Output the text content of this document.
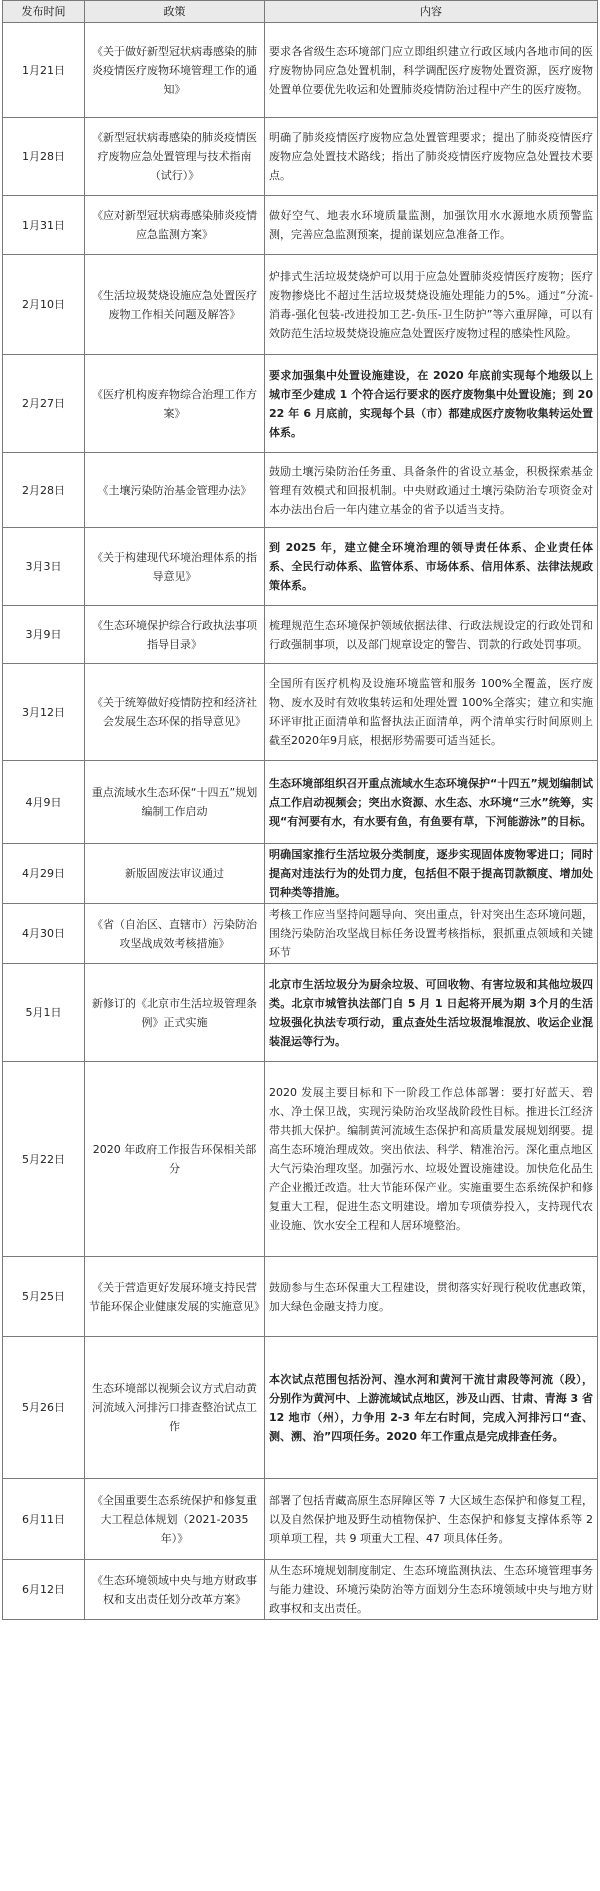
发布时间	政策	内容
1月21日	《关于做好新型冠状病毒感染的肺炎疫情医疗废物环境管理工作的通知》	要求各省级生态环境部门应立即组织建立行政区域内各地市间的医疗废物协同应急处置机制，科学调配医疗废物处置资源，医疗废物处置单位要优先收运和处置肺炎疫情防治过程中产生的医疗废物。
1月28日	《新型冠状病毒感染的肺炎疫情医疗废物应急处置管理与技术指南（试行）》	明确了肺炎疫情医疗废物应急处置管理要求；提出了肺炎疫情医疗废物应急处置技术路线；指出了肺炎疫情医疗废物应急处置技术要点。
1月31日	《应对新型冠状病毒感染肺炎疫情应急监测方案》	做好空气、地表水环境质量监测，加强饮用水水源地水质预警监测，完善应急监测预案，提前谋划应急准备工作。
2月10日	《生活垃圾焚烧设施应急处置医疗废物工作相关问题及解答》	炉排式生活垃圾焚烧炉可以用于应急处置肺炎疫情医疗废物；医疗废物掺烧比不超过生活垃圾焚烧设施处理能力的5%。通过“分流-消毒-强化包装-改进投加工艺-负压-卫生防护”等六重屏障，可以有效防范生活垃圾焚烧设施应急处置医疗废物过程的感染性风险。
2月27日	《医疗机构废弃物综合治理工作方案》	要求加强集中处置设施建设，在 2020 年底前实现每个地级以上城市至少建成 1 个符合运行要求的医疗废物集中处置设施；到 2022 年 6 月底前，实现每个县（市）都建成医疗废物收集转运处置体系。
2月28日	《土壤污染防治基金管理办法》	鼓励土壤污染防治任务重、具备条件的省设立基金，积极探索基金管理有效模式和回报机制。中央财政通过土壤污染防治专项资金对本办法出台后一年内建立基金的省予以适当支持。
3月3日	《关于构建现代环境治理体系的指导意见》	到 2025 年，建立健全环境治理的领导责任体系、企业责任体系、全民行动体系、监管体系、市场体系、信用体系、法律法规政策体系。
3月9日	《生态环境保护综合行政执法事项指导目录》	梳理规范生态环境保护领域依据法律、行政法规设定的行政处罚和行政强制事项，以及部门规章设定的警告、罚款的行政处罚事项。
3月12日	《关于统筹做好疫情防控和经济社会发展生态环保的指导意见》	全国所有医疗机构及设施环境监管和服务 100%全覆盖，医疗废物、废水及时有效收集转运和处理处置 100%全落实；建立和实施环评审批正面清单和监督执法正面清单，两个清单实行时间原则上截至2020年9月底，根据形势需要可适当延长。
4月9日	重点流域水生态环保“十四五”规划编制工作启动	生态环境部组织召开重点流域水生态环境保护“十四五”规划编制试点工作启动视频会；突出水资源、水生态、水环境“三水”统筹，实现“有河要有水，有水要有鱼，有鱼要有草，下河能游泳”的目标。
4月29日	新版固废法审议通过	明确国家推行生活垃圾分类制度，逐步实现固体废物零进口；同时提高对违法行为的处罚力度，包括但不限于提高罚款额度、增加处罚种类等措施。
4月30日	《省（自治区、直辖市）污染防治攻坚战成效考核措施》	考核工作应当坚持问题导向、突出重点，针对突出生态环境问题，围绕污染防治攻坚战目标任务设置考核指标，狠抓重点领域和关键环节
5月1日	新修订的《北京市生活垃圾管理条例》正式实施	北京市生活垃圾分为厨余垃圾、可回收物、有害垃圾和其他垃圾四类。北京市城管执法部门自 5 月 1 日起将开展为期 3个月的生活垃圾强化执法专项行动，重点查处生活垃圾混堆混放、收运企业混装混运等行为。
5月22日	2020 年政府工作报告环保相关部分	2020 发展主要目标和下一阶段工作总体部署：要打好蓝天、碧水、净土保卫战，实现污染防治攻坚战阶段性目标。推进长江经济带共抓大保护。编制黄河流域生态保护和高质量发展规划纲要。提高生态环境治理成效。突出依法、科学、精准治污。深化重点地区大气污染治理攻坚。加强污水、垃圾处置设施建设。加快危化品生产企业搬迁改造。壮大节能环保产业。实施重要生态系统保护和修复重大工程，促进生态文明建设。增加专项债券投入，支持现代农业设施、饮水安全工程和人居环境整治。
5月25日	《关于营造更好发展环境支持民营节能环保企业健康发展的实施意见》	鼓励参与生态环保重大工程建设，贯彻落实好现行税收优惠政策，加大绿色金融支持力度。
5月26日	生态环境部以视频会议方式启动黄河流域入河排污口排查整治试点工作	本次试点范围包括汾河、湟水河和黄河干流甘肃段等河流（段），分别作为黄河中、上游流域试点地区，涉及山西、甘肃、青海 3 省 12 地市（州），力争用 2-3 年左右时间，完成入河排污口“查、测、溯、治”四项任务。2020 年工作重点是完成排查任务。
6月11日	《全国重要生态系统保护和修复重大工程总体规划（2021-2035 年）》	部署了包括青藏高原生态屏障区等 7 大区域生态保护和修复工程，以及自然保护地及野生动植物保护、生态保护和修复支撑体系等 2项单项工程，共 9 项重大工程、47 项具体任务。
6月12日	《生态环境领域中央与地方财政事权和支出责任划分改革方案》	从生态环境规划制度制定、生态环境监测执法、生态环境管理事务与能力建设、环境污染防治等方面划分生态环境领域中央与地方财政事权和支出责任。
